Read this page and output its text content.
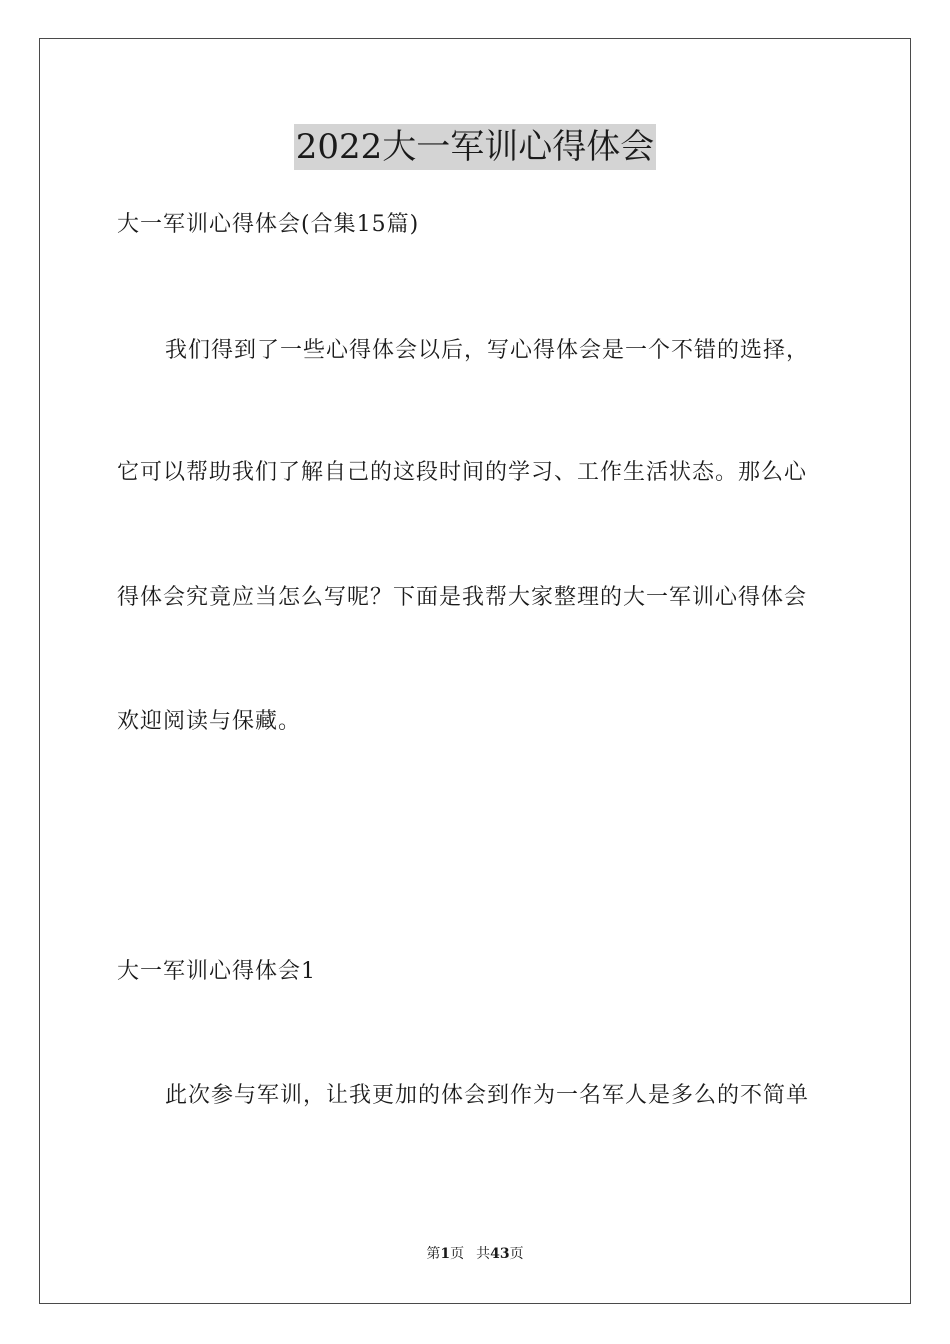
2022大一军训心得体会
大一军训心得体会(合集15篇)
我们得到了一些心得体会以后，写心得体会是一个不错的选择，
它可以帮助我们了解自己的这段时间的学习、工作生活状态。那么心
得体会究竟应当怎么写呢？下面是我帮大家整理的大一军训心得体会
欢迎阅读与保藏。
大一军训心得体会1
此次参与军训，让我更加的体会到作为一名军人是多么的不简单
第1页 共43页
